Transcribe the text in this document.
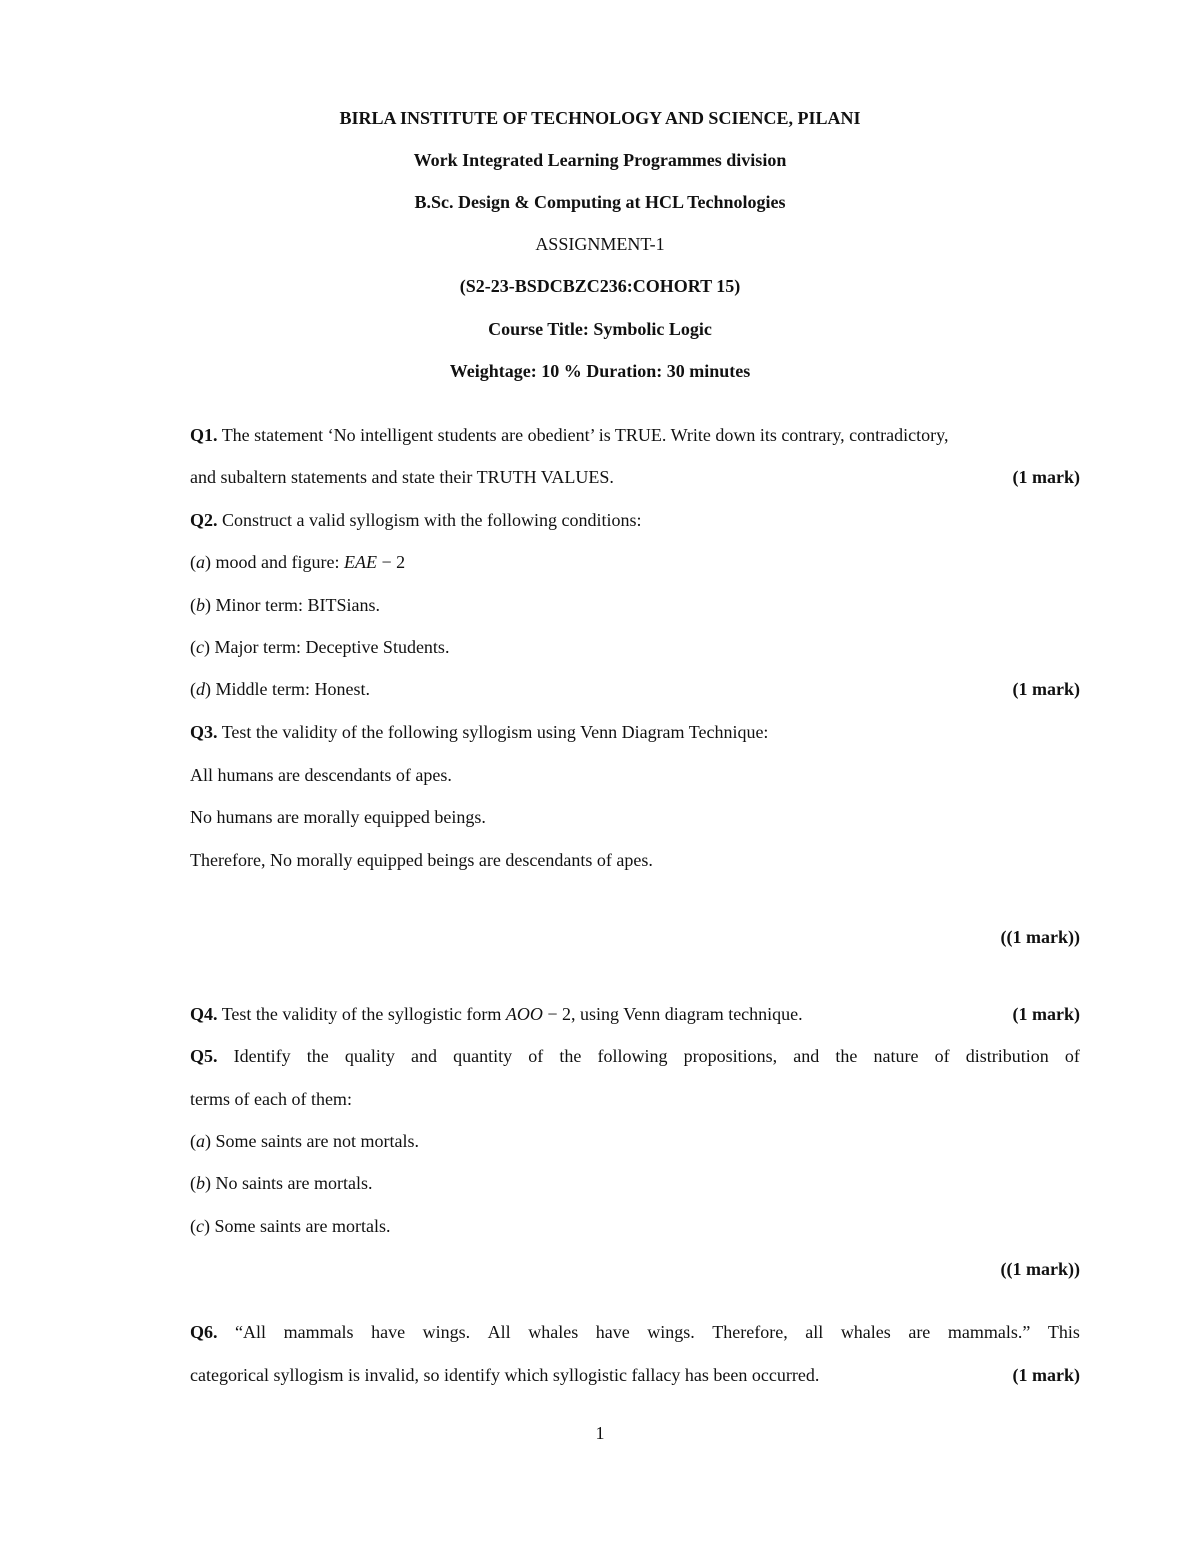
BIRLA INSTITUTE OF TECHNOLOGY AND SCIENCE, PILANI
Work Integrated Learning Programmes division
B.Sc. Design & Computing at HCL Technologies
ASSIGNMENT-1
(S2-23-BSDCBZC236:COHORT 15)
Course Title: Symbolic Logic
Weightage: 10 % Duration: 30 minutes
Q1. The statement ‘No intelligent students are obedient’ is TRUE. Write down its contrary, contradictory,
and subaltern statements and state their TRUTH VALUES.	(1 mark)
Q2. Construct a valid syllogism with the following conditions:
(a) mood and figure: EAE − 2
(b) Minor term: BITSians.
(c) Major term: Deceptive Students.
(d) Middle term: Honest.	(1 mark)
Q3. Test the validity of the following syllogism using Venn Diagram Technique:
All humans are descendants of apes.
No humans are morally equipped beings.
Therefore, No morally equipped beings are descendants of apes.
((1 mark))
Q4. Test the validity of the syllogistic form AOO − 2, using Venn diagram technique.	(1 mark)
Q5. Identify the quality and quantity of the following propositions, and the nature of distribution of
terms of each of them:
(a) Some saints are not mortals.
(b) No saints are mortals.
(c) Some saints are mortals.
((1 mark))
Q6. “All mammals have wings. All whales have wings. Therefore, all whales are mammals.” This
categorical syllogism is invalid, so identify which syllogistic fallacy has been occurred.	(1 mark)
1
